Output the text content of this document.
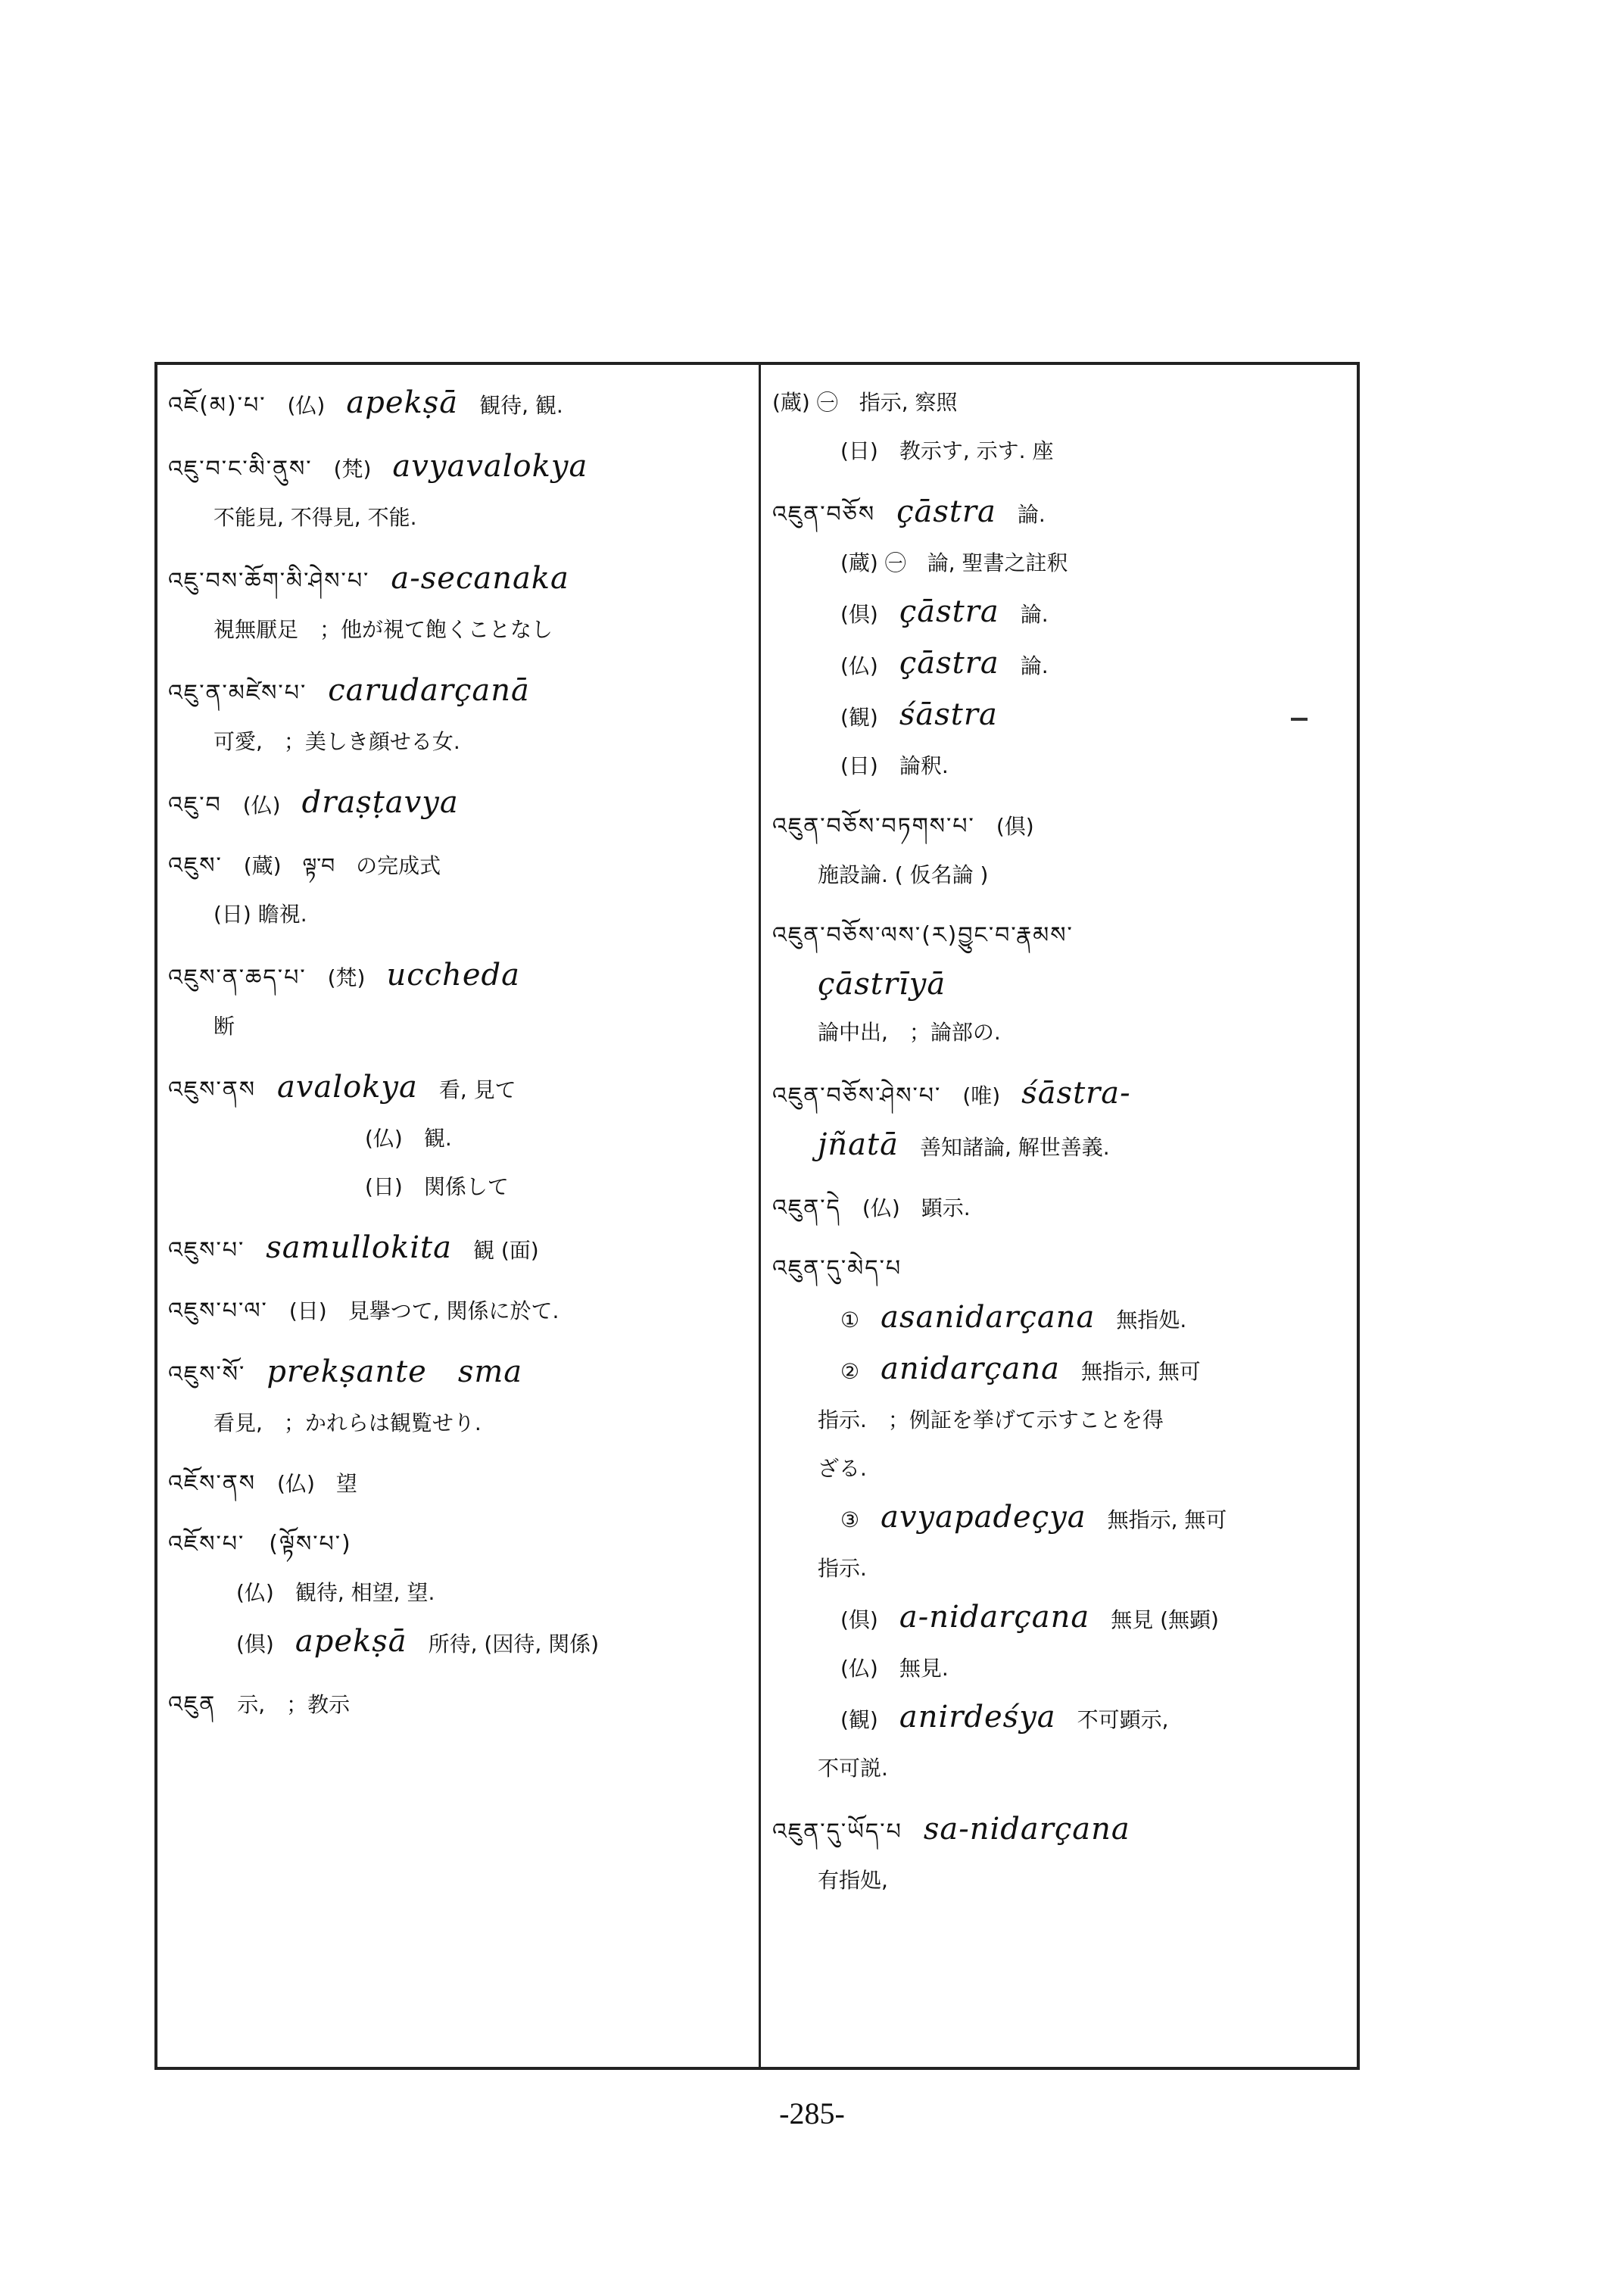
འཇོ(མ)་པ་ (仏) apekṣā 観待, 観.
འཇུ་བ་ང་མི་ནུས་ (梵) avyavalokya
不能見, 不得見, 不能.
འཇུ་བས་ཆོག་མི་ཤེས་པ་ a-secanaka
視無厭足　；他が視て飽くことなし
འཇུ་ན་མཛེས་པ་ carudarçanā
可愛,　；美しき顔せる女.
འཇུ་བ (仏) draṣṭavya
འཇུས་ (蔵) ལྟ་བ　の完成式
(日) 瞻視.
འཇུས་ན་ཆད་པ་ (梵) uccheda
断
འཇུས་ནས avalokya 看, 見て
(仏) 観.
(日) 関係して
འཇུས་པ་ samullokita 観 (面)
འཇུས་པ་ལ་ (日) 見擧つて, 関係に於て.
འཇུས་སོ་ prekṣante　sma
看見,　；かれらは観覧せり.
འཇོས་ནས (仏) 望
འཇོས་པ་　(ལྟོས་པ་)
(仏) 観待, 相望, 望.
(倶) apekṣā 所待, (因待, 関係)
འཇུན 示,　；教示
(蔵) ㊀ 指示, 察照
(日) 教示す, 示す. 座
འཇུན་བཅོས çāstra 論.
(蔵) ㊀ 論, 聖書之註釈
(倶) çāstra 論.
(仏) çāstra 論.
(観) śāstra
(日) 論釈.
འཇུན་བཅོས་བཏགས་པ་ (倶)
施設論. ( 仮名論 )
འཇུན་བཅོས་ལས་(ར)བྱུང་བ་རྣམས་
çāstrīyā
論中出,　；論部の.
འཇུན་བཅོས་ཤེས་པ་ (唯) śāstra-
jñatā 善知諸論, 解世善義.
འཇུན་དེ (仏) 顕示.
འཇུན་དུ་མེད་པ
① asanidarçana 無指処.
② anidarçana 無指示, 無可
指示.　；例証を挙げて示すことを得
ざる.
③ avyapadeçya 無指示, 無可
指示.
(倶) a-nidarçana 無見 (無顕)
(仏) 無見.
(観) anirdeśya 不可顕示,
不可説.
འཇུན་དུ་ཡོད་པ sa-nidarçana
有指処,
-285-
